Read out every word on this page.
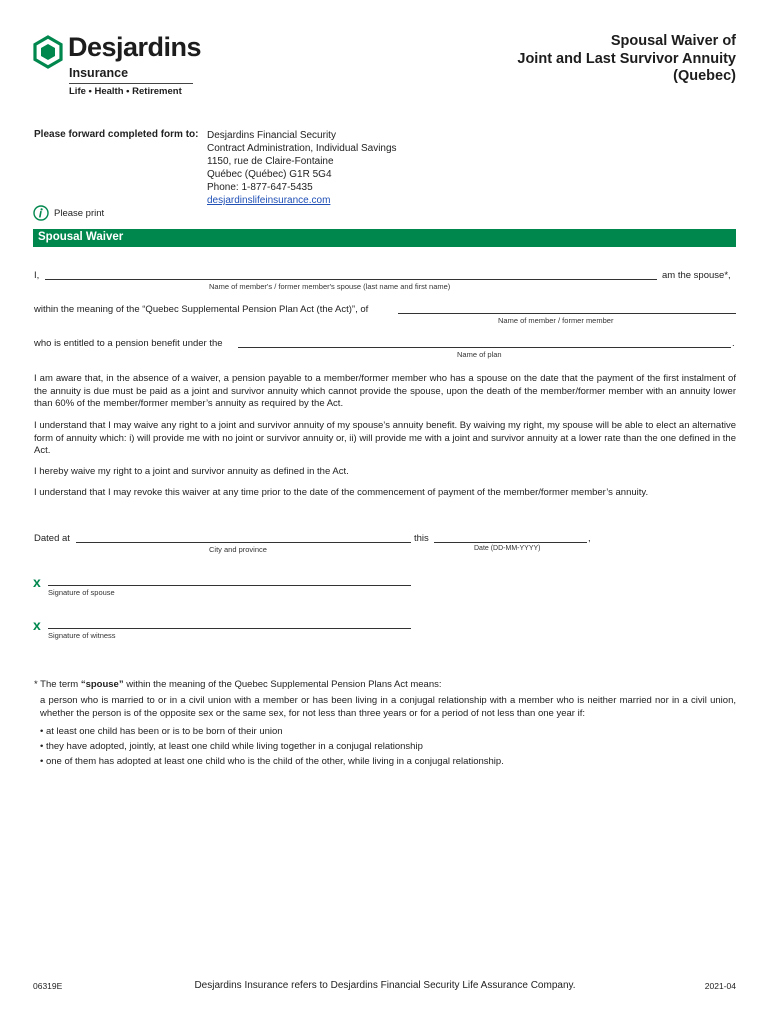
Desjardins
Insurance
Life • Health • Retirement
Spousal Waiver of
Joint and Last Survivor Annuity
(Quebec)
Please forward completed form to: Desjardins Financial Security
Contract Administration, Individual Savings
1150, rue de Claire-Fontaine
Québec (Québec) G1R 5G4
Phone: 1-877-647-5435
desjardinslifeinsurance.com
Please print
Spousal Waiver
I,	am the spouse*,
Name of member's / former member's spouse (last name and first name)
within the meaning of the “Quebec Supplemental Pension Plan Act (the Act)”, of
Name of member / former member
who is entitled to a pension benefit under the	.
Name of plan

I am aware that, in the absence of a waiver, a pension payable to a member/former member who has a spouse on the date that the payment of the first instalment of the annuity is due must be paid as a joint and survivor annuity which cannot provide the spouse, upon the death of the member/former member with an annuity lower than 60% of the member/former member’s annuity as required by the Act.

I understand that I may waive any right to a joint and survivor annuity of my spouse’s annuity benefit. By waiving my right, my spouse will be able to elect an alternative form of annuity which: i) will provide me with no joint or survivor annuity or, ii) will provide me with a joint and survivor annuity at a lower rate than the one defined in the Act.

I hereby waive my right to a joint and survivor annuity as defined in the Act.

I understand that I may revoke this waiver at any time prior to the date of the commencement of payment of the member/former member’s annuity.

Dated at	this	,
City and province	Date (DD-MM-YYYY)
x
Signature of spouse
x
Signature of witness
* The term “spouse” within the meaning of the Quebec Supplemental Pension Plans Act means:

a person who is married to or in a civil union with a member or has been living in a conjugal relationship with a member who is neither married nor in a civil union, whether the person is of the opposite sex or the same sex, for not less than three years or for a period of not less than one year if:

• at least one child has been or is to be born of their union
• they have adopted, jointly, at least one child while living together in a conjugal relationship
• one of them has adopted at least one child who is the child of the other, while living in a conjugal relationship.
06319E	Desjardins Insurance refers to Desjardins Financial Security Life Assurance Company.	2021-04
